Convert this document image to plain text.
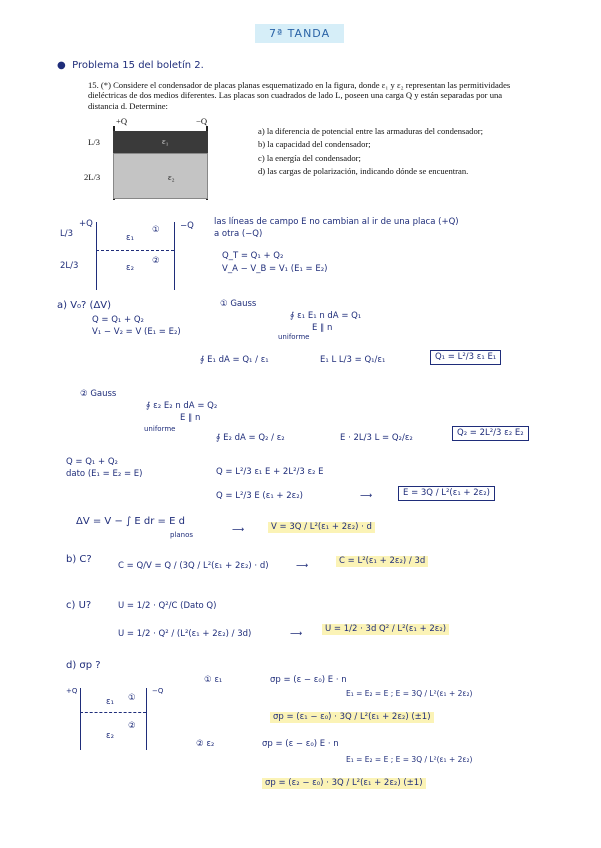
7ª TANDA
● Problema 15 del boletín 2.
15. (*) Considere el condensador de placas planas esquematizado en la figura, donde ε₁ y ε₂ representan las permitividades dieléctricas de dos medios diferentes. Las placas son cuadrados de lado L, poseen una carga Q y están separadas por una distancia d. Determine:
+Q	−Q
L/3
2L/3
ε₁
ε₂
a) la diferencia de potencial entre las armaduras del condensador;
b) la capacidad del condensador;
c) la energía del condensador;
d) las cargas de polarización, indicando dónde se encuentran.
+Q	−Q
L/3
2L/3
ε₁
①
ε₂
②
las líneas de campo E no cambian al ir de una placa (+Q)
a otra (−Q)
Q_T = Q₁ + Q₂
V_A − V_B = V₁ (E₁ = E₂)
a) V₀? (ΔV)
Q = Q₁ + Q₂
V₁ − V₂ = V (E₁ = E₂)
① Gauss
∮ ε₁ E₁ n dA = Q₁
E ∥ n
uniforme
∮ E₁ dA = Q₁ / ε₁	E₁ L L/3 = Q₁/ε₁	Q₁ = L²/3 ε₁ E₁
② Gauss
∮ ε₂ E₂ n dA = Q₂
E ∥ n
uniforme
∮ E₂ dA = Q₂ / ε₂	E · 2L/3 L = Q₂/ε₂	Q₂ = 2L²/3 ε₂ E₂
Q = Q₁ + Q₂
dato (E₁ = E₂ = E)	Q = L²/3 ε₁ E + 2L²/3 ε₂ E
Q = L²/3 E (ε₁ + 2ε₂)	⟶	E = 3Q / L²(ε₁ + 2ε₂)
ΔV = V − ∫ E dr = E d
planos	⟶	V = 3Q / L²(ε₁ + 2ε₂) · d
b) C?
C = Q/V = Q / (3Q / L²(ε₁ + 2ε₂) · d)	⟶	C = L²(ε₁ + 2ε₂) / 3d
c) U?	U = 1/2 · Q²/C (Dato Q)
U = 1/2 · Q² / (L²(ε₁ + 2ε₂) / 3d)	⟶	U = 1/2 · 3d Q² / L²(ε₁ + 2ε₂)
d) σp ?
+Q	−Q
ε₁ ①
ε₂
②
① ε₁	σp = (ε − ε₀) E · n
E₁ = E₂ = E ; E = 3Q / L²(ε₁ + 2ε₂)
σp = (ε₁ − ε₀) · 3Q / L²(ε₁ + 2ε₂) (±1)
② ε₂	σp = (ε − ε₀) E · n
E₁ = E₂ = E ; E = 3Q / L²(ε₁ + 2ε₂)
σp = (ε₂ − ε₀) · 3Q / L²(ε₁ + 2ε₂) (±1)
